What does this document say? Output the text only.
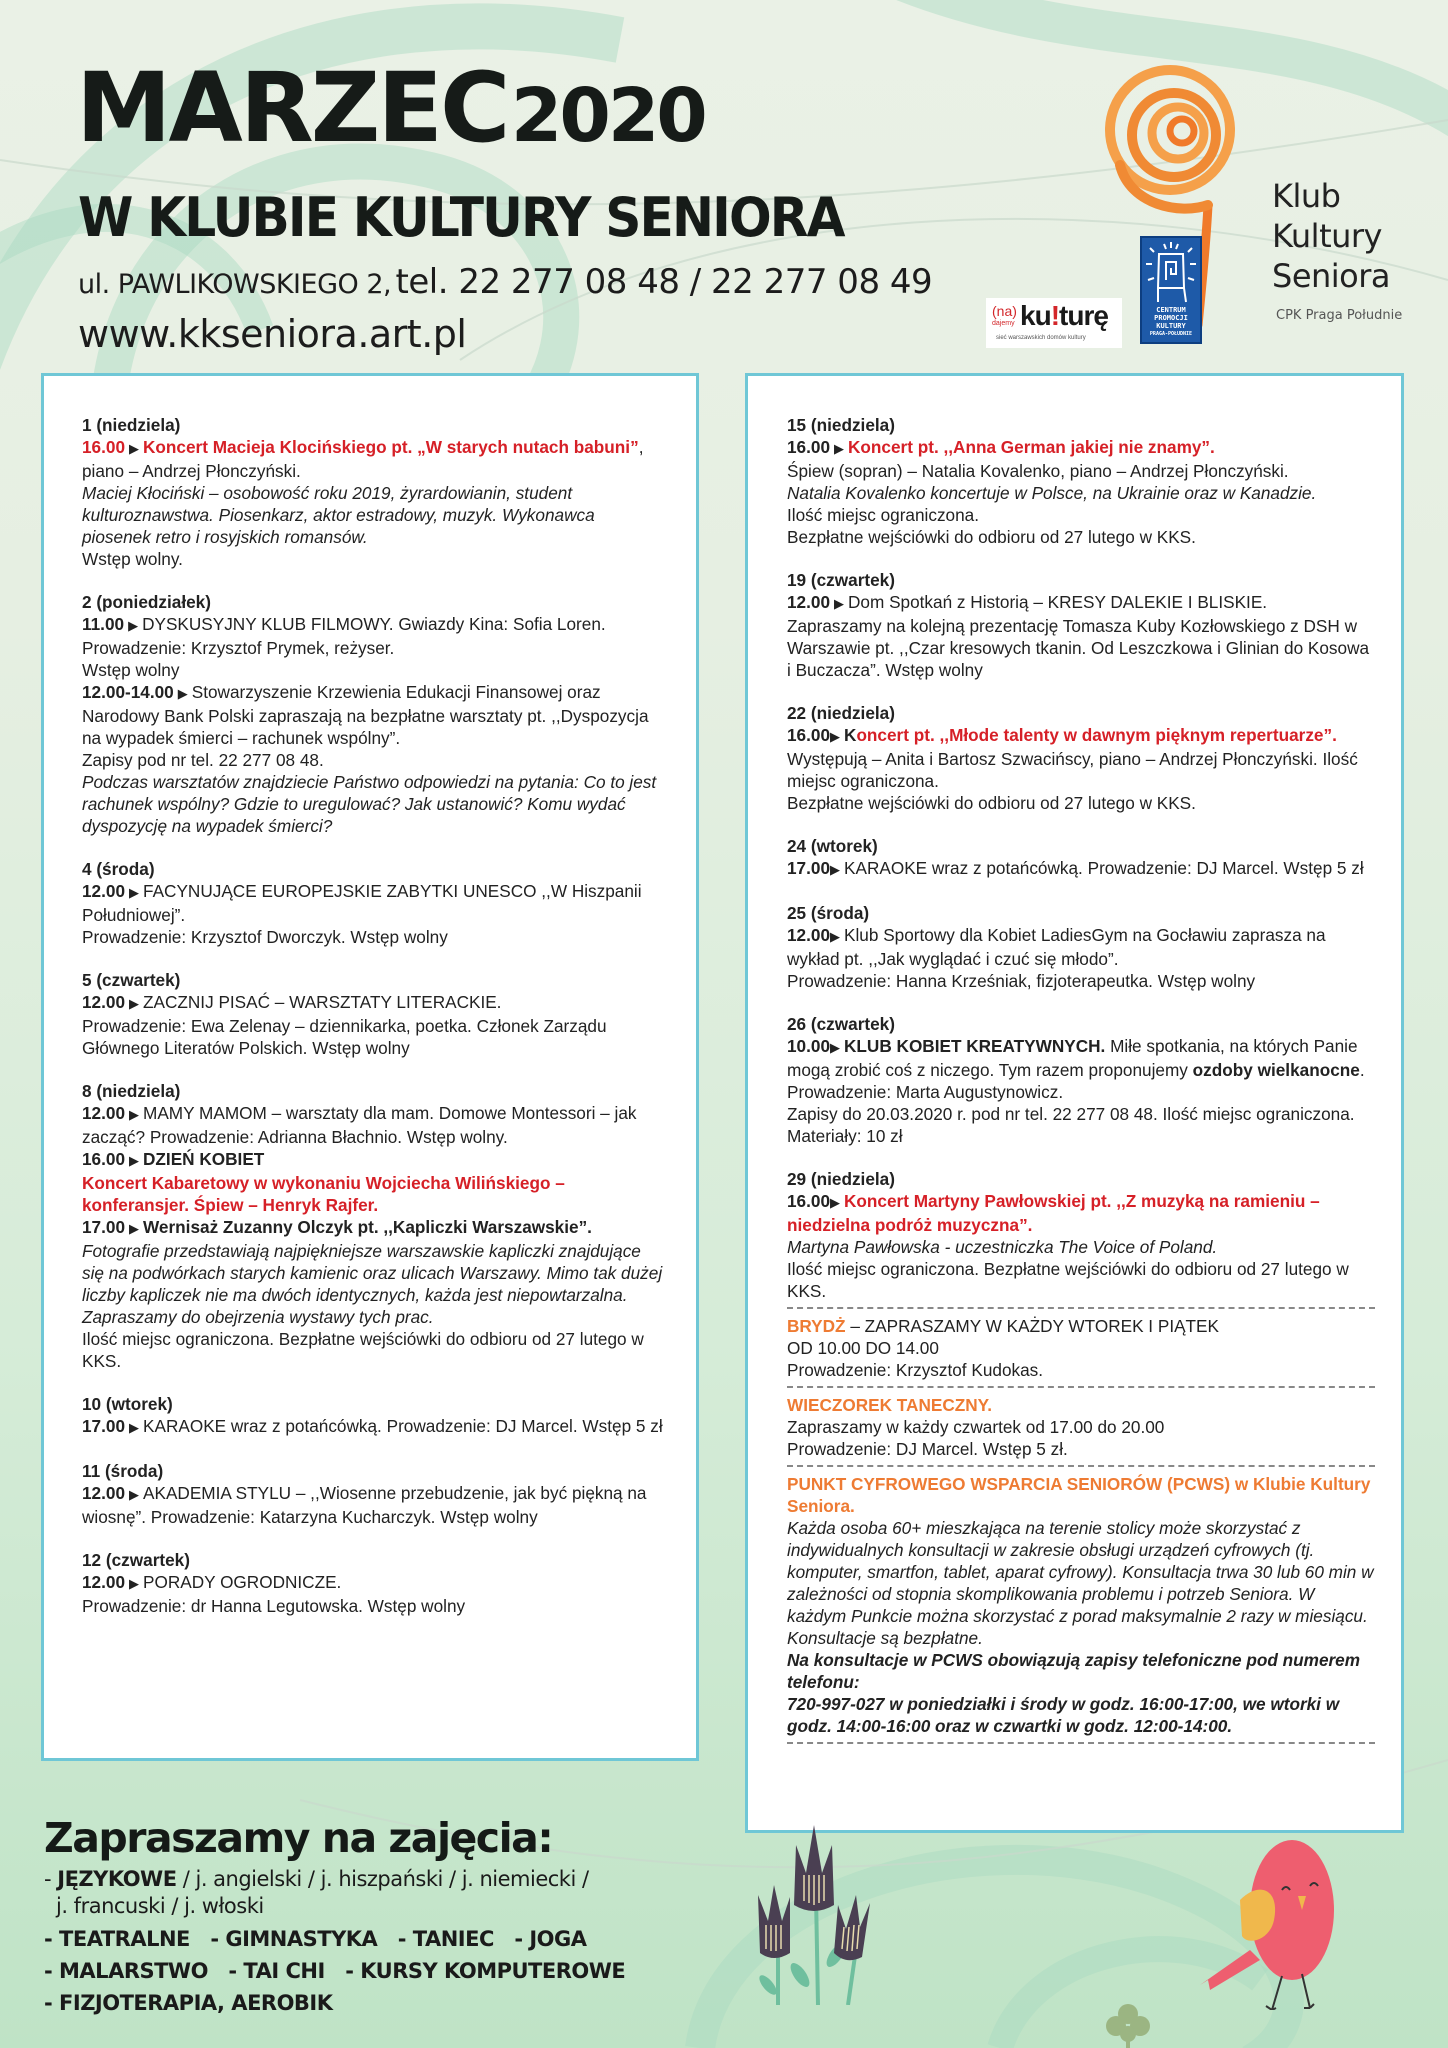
MARZEC 2020
W KLUBIE KULTURY SENIORA
ul. PAWLIKOWSKIEGO 2, tel. 22 277 08 48 / 22 277 08 49
www.kkseniora.art.pl
CENTRUM
PROMOCJI
KULTURY
PRAGA-POŁUDNIE
(na)
dajemy ku!turę
sieć warszawskich domów kultury
Klub
Kultury
Seniora
CPK Praga Południe
1 (niedziela)
16.00 ▶ Koncert Macieja Klocińskiego pt. „W starych nutach babuni”, piano – Andrzej Płonczyński.
Maciej Kłociński – osobowość roku 2019, żyrardowianin, student kulturoznawstwa. Piosenkarz, aktor estradowy, muzyk. Wykonawca piosenek retro i rosyjskich romansów.
Wstęp wolny.
2 (poniedziałek)
11.00 ▶ DYSKUSYJNY KLUB FILMOWY. Gwiazdy Kina: Sofia Loren.
Prowadzenie: Krzysztof Prymek, reżyser.
Wstęp wolny
12.00-14.00 ▶ Stowarzyszenie Krzewienia Edukacji Finansowej oraz Narodowy Bank Polski zapraszają na bezpłatne warsztaty pt. ,,Dyspozycja na wypadek śmierci – rachunek wspólny”.
Zapisy pod nr tel. 22 277 08 48.
Podczas warsztatów znajdziecie Państwo odpowiedzi na pytania: Co to jest rachunek wspólny? Gdzie to uregulować? Jak ustanowić? Komu wydać dyspozycję na wypadek śmierci?
4 (środa)
12.00 ▶ FACYNUJĄCE EUROPEJSKIE ZABYTKI UNESCO ,,W Hiszpanii Południowej”.
Prowadzenie: Krzysztof Dworczyk. Wstęp wolny
5 (czwartek)
12.00 ▶ ZACZNIJ PISAĆ – WARSZTATY LITERACKIE.
Prowadzenie: Ewa Zelenay – dziennikarka, poetka. Członek Zarządu Głównego Literatów Polskich. Wstęp wolny
8 (niedziela)
12.00 ▶ MAMY MAMOM – warsztaty dla mam. Domowe Montessori – jak zacząć? Prowadzenie: Adrianna Błachnio. Wstęp wolny.
16.00 ▶ DZIEŃ KOBIET
Koncert Kabaretowy w wykonaniu Wojciecha Wilińskiego – konferansjer. Śpiew – Henryk Rajfer.
17.00 ▶ Wernisaż Zuzanny Olczyk pt. ,,Kapliczki Warszawskie”.
Fotografie przedstawiają najpiękniejsze warszawskie kapliczki znajdujące się na podwórkach starych kamienic oraz ulicach Warszawy. Mimo tak dużej liczby kapliczek nie ma dwóch identycznych, każda jest niepowtarzalna. Zapraszamy do obejrzenia wystawy tych prac.
Ilość miejsc ograniczona. Bezpłatne wejściówki do odbioru od 27 lutego w KKS.
10 (wtorek)
17.00 ▶ KARAOKE wraz z potańcówką. Prowadzenie: DJ Marcel. Wstęp 5 zł
11 (środa)
12.00 ▶ AKADEMIA STYLU – ,,Wiosenne przebudzenie, jak być piękną na wiosnę”. Prowadzenie: Katarzyna Kucharczyk. Wstęp wolny
12 (czwartek)
12.00 ▶ PORADY OGRODNICZE.
Prowadzenie: dr Hanna Legutowska. Wstęp wolny
15 (niedziela)
16.00 ▶ Koncert pt. ,,Anna German jakiej nie znamy”.
Śpiew (sopran) – Natalia Kovalenko, piano – Andrzej Płonczyński.
Natalia Kovalenko koncertuje w Polsce, na Ukrainie oraz w Kanadzie.
Ilość miejsc ograniczona.
Bezpłatne wejściówki do odbioru od 27 lutego w KKS.
19 (czwartek)
12.00 ▶ Dom Spotkań z Historią – KRESY DALEKIE I BLISKIE.
Zapraszamy na kolejną prezentację Tomasza Kuby Kozłowskiego z DSH w Warszawie pt. ,,Czar kresowych tkanin. Od Leszczkowa i Glinian do Kosowa i Buczacza”. Wstęp wolny
22 (niedziela)
16.00▶ Koncert pt. ,,Młode talenty w dawnym pięknym repertuarze”.
Występują – Anita i Bartosz Szwacińscy, piano – Andrzej Płonczyński. Ilość miejsc ograniczona.
Bezpłatne wejściówki do odbioru od 27 lutego w KKS.
24 (wtorek)
17.00▶ KARAOKE wraz z potańcówką. Prowadzenie: DJ Marcel. Wstęp 5 zł
25 (środa)
12.00▶ Klub Sportowy dla Kobiet LadiesGym na Gocławiu zaprasza na wykład pt. ,,Jak wyglądać i czuć się młodo”.
Prowadzenie: Hanna Krześniak, fizjoterapeutka. Wstęp wolny
26 (czwartek)
10.00▶ KLUB KOBIET KREATYWNYCH. Miłe spotkania, na których Panie mogą zrobić coś z niczego. Tym razem proponujemy ozdoby wielkanocne.
Prowadzenie: Marta Augustynowicz.
Zapisy do 20.03.2020 r. pod nr tel. 22 277 08 48. Ilość miejsc ograniczona. Materiały: 10 zł
29 (niedziela)
16.00▶ Koncert Martyny Pawłowskiej pt. ,,Z muzyką na ramieniu – niedzielna podróż muzyczna”.
Martyna Pawłowska - uczestniczka The Voice of Poland.
Ilość miejsc ograniczona. Bezpłatne wejściówki do odbioru od 27 lutego w KKS.
BRYDŻ – ZAPRASZAMY W KAŻDY WTOREK I PIĄTEK
OD 10.00 DO 14.00
Prowadzenie: Krzysztof Kudokas.
WIECZOREK TANECZNY.
Zapraszamy w każdy czwartek od 17.00 do 20.00
Prowadzenie: DJ Marcel. Wstęp 5 zł.
PUNKT CYFROWEGO WSPARCIA SENIORÓW (PCWS) w Klubie Kultury Seniora.
Każda osoba 60+ mieszkająca na terenie stolicy może skorzystać z indywidualnych konsultacji w zakresie obsługi urządzeń cyfrowych (tj. komputer, smartfon, tablet, aparat cyfrowy). Konsultacja trwa 30 lub 60 min w zależności od stopnia skomplikowania problemu i potrzeb Seniora. W każdym Punkcie można skorzystać z porad maksymalnie 2 razy w miesiącu. Konsultacje są bezpłatne.
Na konsultacje w PCWS obowiązują zapisy telefoniczne pod numerem telefonu:
720-997-027 w poniedziałki i środy w godz. 16:00-17:00, we wtorki w godz. 14:00-16:00 oraz w czwartki w godz. 12:00-14:00.
Zapraszamy na zajęcia:
- JĘZYKOWE / j. angielski / j. hiszpański / j. niemiecki /
j. francuski / j. włoski
- TEATRALNE - GIMNASTYKA - TANIEC - JOGA
- MALARSTWO - TAI CHI - KURSY KOMPUTEROWE
- FIZJOTERAPIA, AEROBIK
